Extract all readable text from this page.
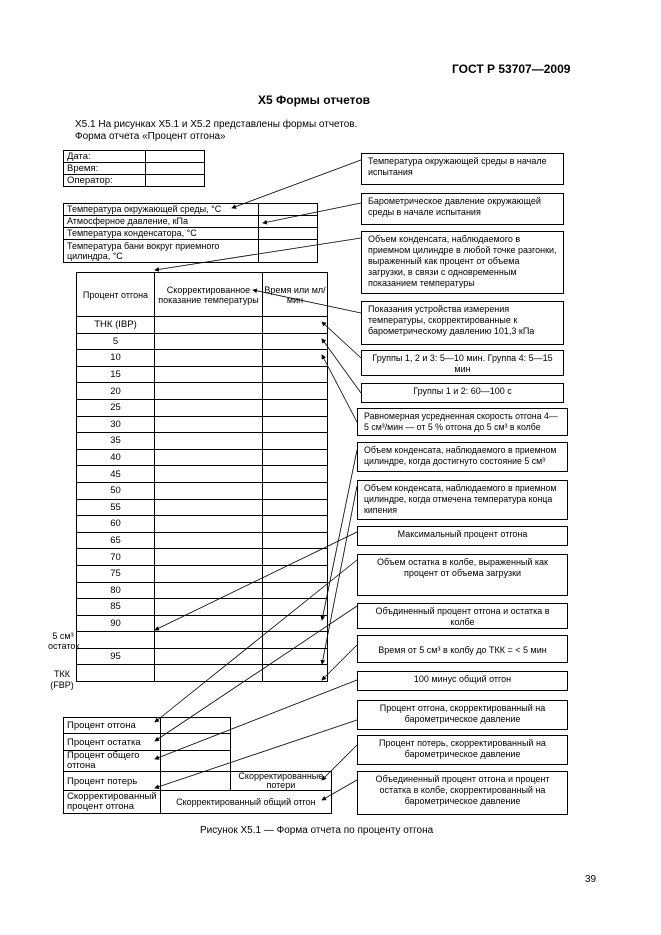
ГОСТ Р 53707—2009
Х5 Формы отчетов
Х5.1 На рисунках Х5.1 и Х5.2 представлены формы отчетов.
Форма отчета «Процент отгона»
Дата:	
Время:	
Оператор:	
Температура окружающей среды, °С	
Атмосферное давление, кПа	
Температура конденсатора, °С	
Температура бани вокруг приемного цилиндра, °С	
Процент отгона	Скорректированное показание температуры	Время или мл/мин
ТНК (IBP)		
5		
10		
15		
20		
25		
30		
35		
40		
45		
50		
55		
60		
65		
70		
75		
80		
85		
90		

95		

5 см³ остаток
ТКК
(FBP)
Температура окружающей среды в начале испытания
Барометрическое давление окружающей среды в начале испытания
Объем конденсата, наблюдаемого в приемном цилиндре в любой точке разгонки, выраженный как процент от объема загрузки, в связи с одновременным показанием температуры
Показания устройства измерения температуры, скорректированные к барометрическому давлению 101,3 кПа
Группы 1, 2 и 3: 5—10 мин. Группа 4: 5—15 мин
Группы 1 и 2: 60—100 с
Равномерная усредненная скорость отгона 4—5 см³/мин — от 5 % отгона до 5 см³ в колбе
Объем конденсата, наблюдаемого в приемном цилиндре, когда достигнуто состояние 5 см³
Объем конденсата, наблюдаемого в приемном цилиндре, когда отмечена температура конца кипения
Максимальный процент отгона
Объем остатка в колбе, выраженный как процент от объема загрузки
Объдиненный процент отгона и остатка в колбе
Время от 5 см³ в колбу до ТКК = < 5 мин
100 минус общий отгон
Процент отгона, скорректированный на барометрическое давление
Процент потерь, скорректированный на барометрическое давление
Объединенный процент отгона и процент остатка в колбе, скорректированный на барометрическое давление
Процент отгона		
Процент остатка		
Процент общего отгона		
Процент потерь		Скорректированные потери
Скорректированный процент отгона	Скорректированный общий отгон	
Рисунок Х5.1 — Форма отчета по проценту отгона
39
